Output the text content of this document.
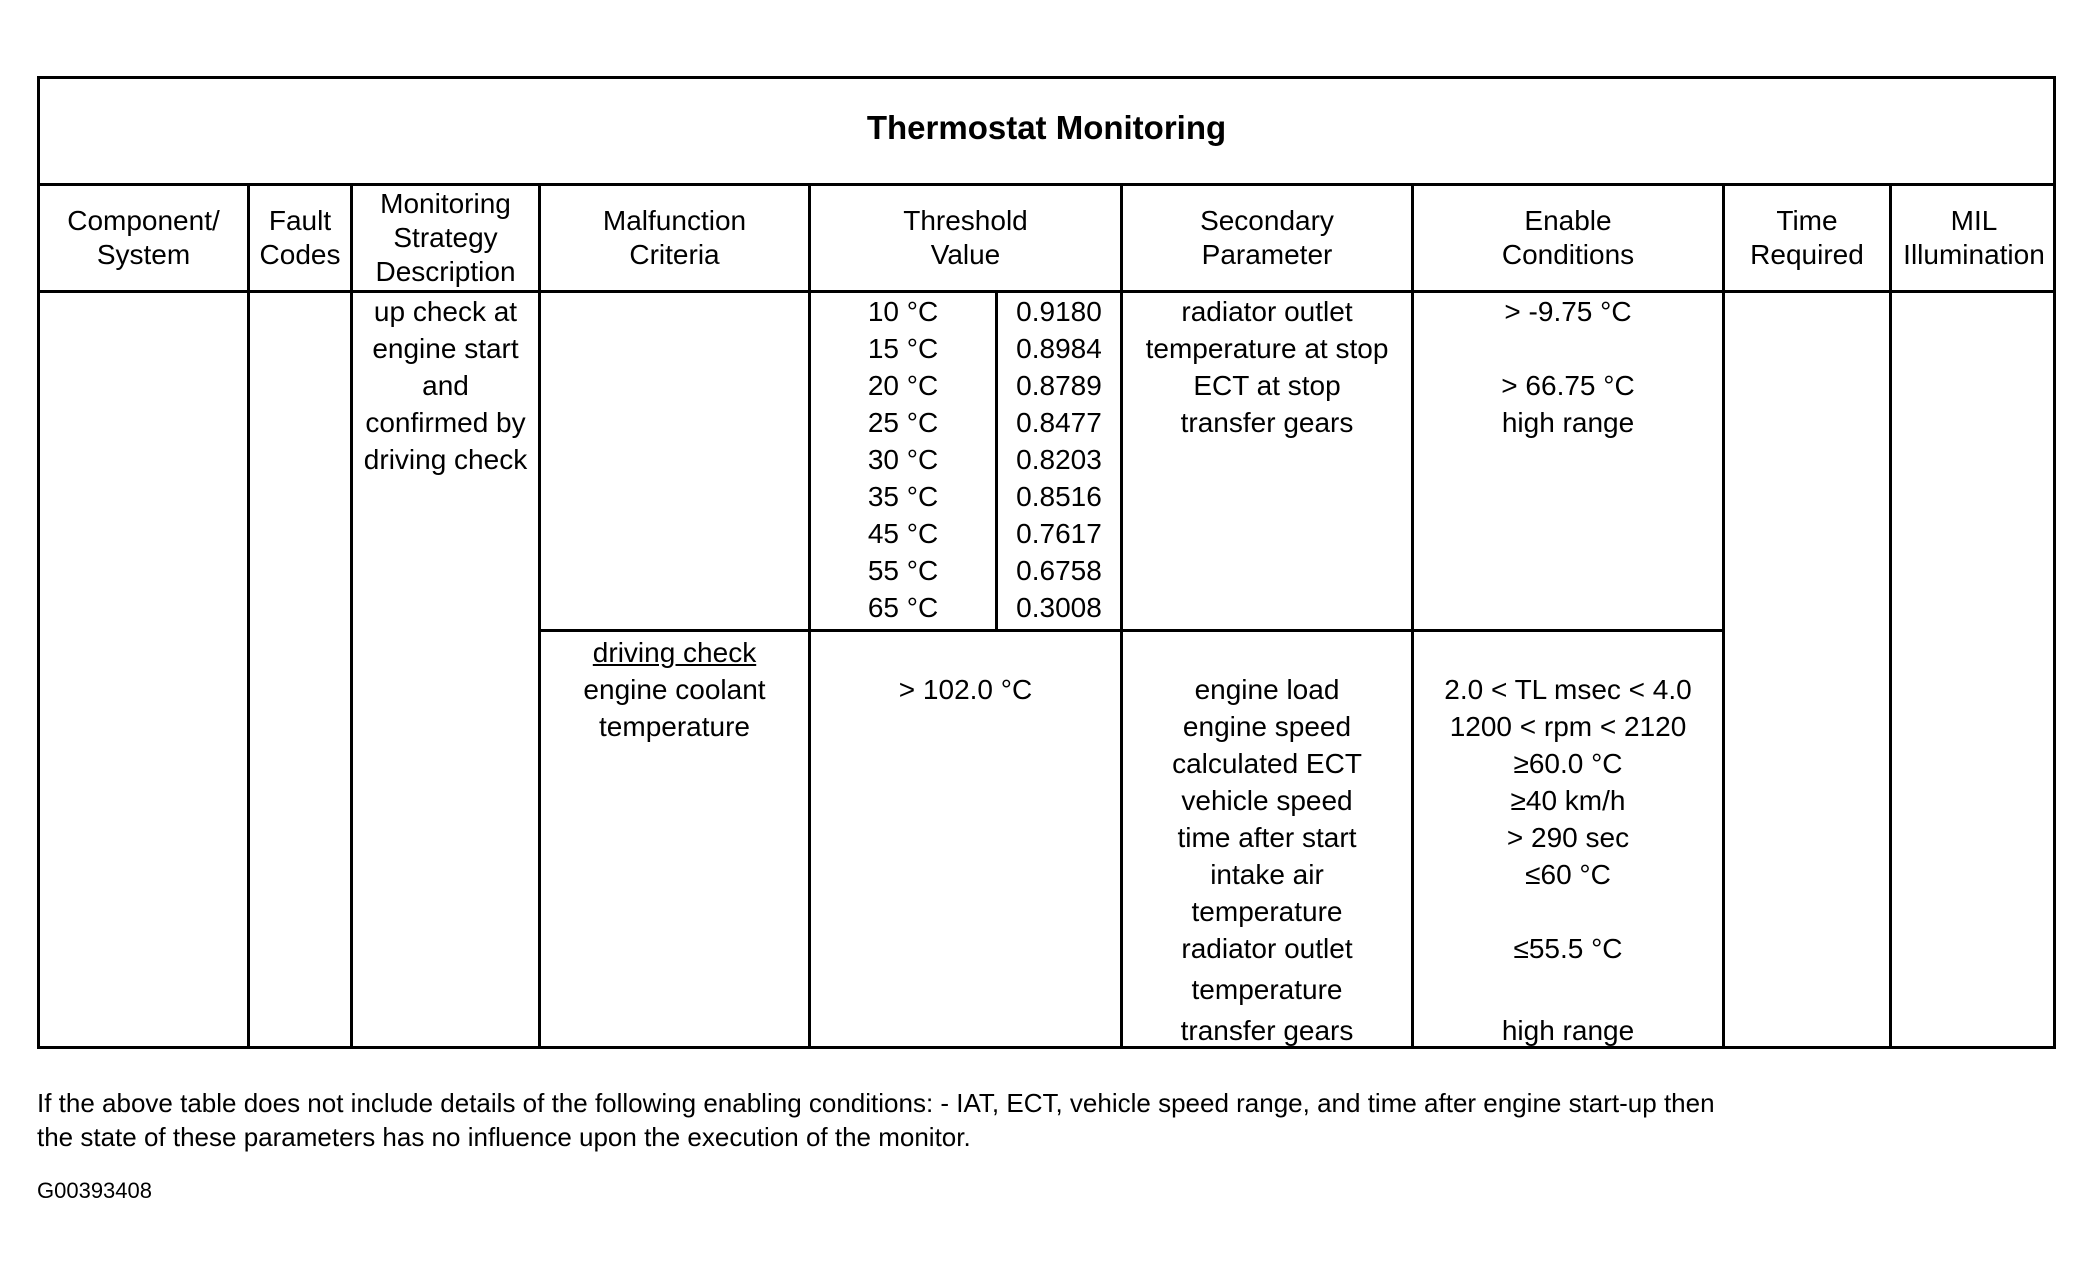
Thermostat Monitoring
Component/
System
Fault
Codes
Monitoring
Strategy
Description
Malfunction
Criteria
Threshold
Value
Secondary
Parameter
Enable
Conditions
Time
Required
MIL
Illumination
up check at
engine start
and
confirmed by
driving check
10 °C
15 °C
20 °C
25 °C
30 °C
35 °C
45 °C
55 °C
65 °C
0.9180
0.8984
0.8789
0.8477
0.8203
0.8516
0.7617
0.6758
0.3008
radiator outlet
temperature at stop
ECT at stop
transfer gears
> -9.75 °C
> 66.75 °C
high range
driving check
engine coolant
temperature
> 102.0 °C	engine load
engine speed
calculated ECT
vehicle speed
time after start
intake air
temperature
radiator outlet
temperature
transfer gears
2.0 < TL msec < 4.0
1200 < rpm < 2120
≥60.0 °C
≥40 km/h
> 290 sec
≤60 °C
≤55.5 °C
high range
If the above table does not include details of the following enabling conditions: - IAT, ECT, vehicle speed range, and time after engine start-up then
the state of these parameters has no influence upon the execution of the monitor.
G00393408
